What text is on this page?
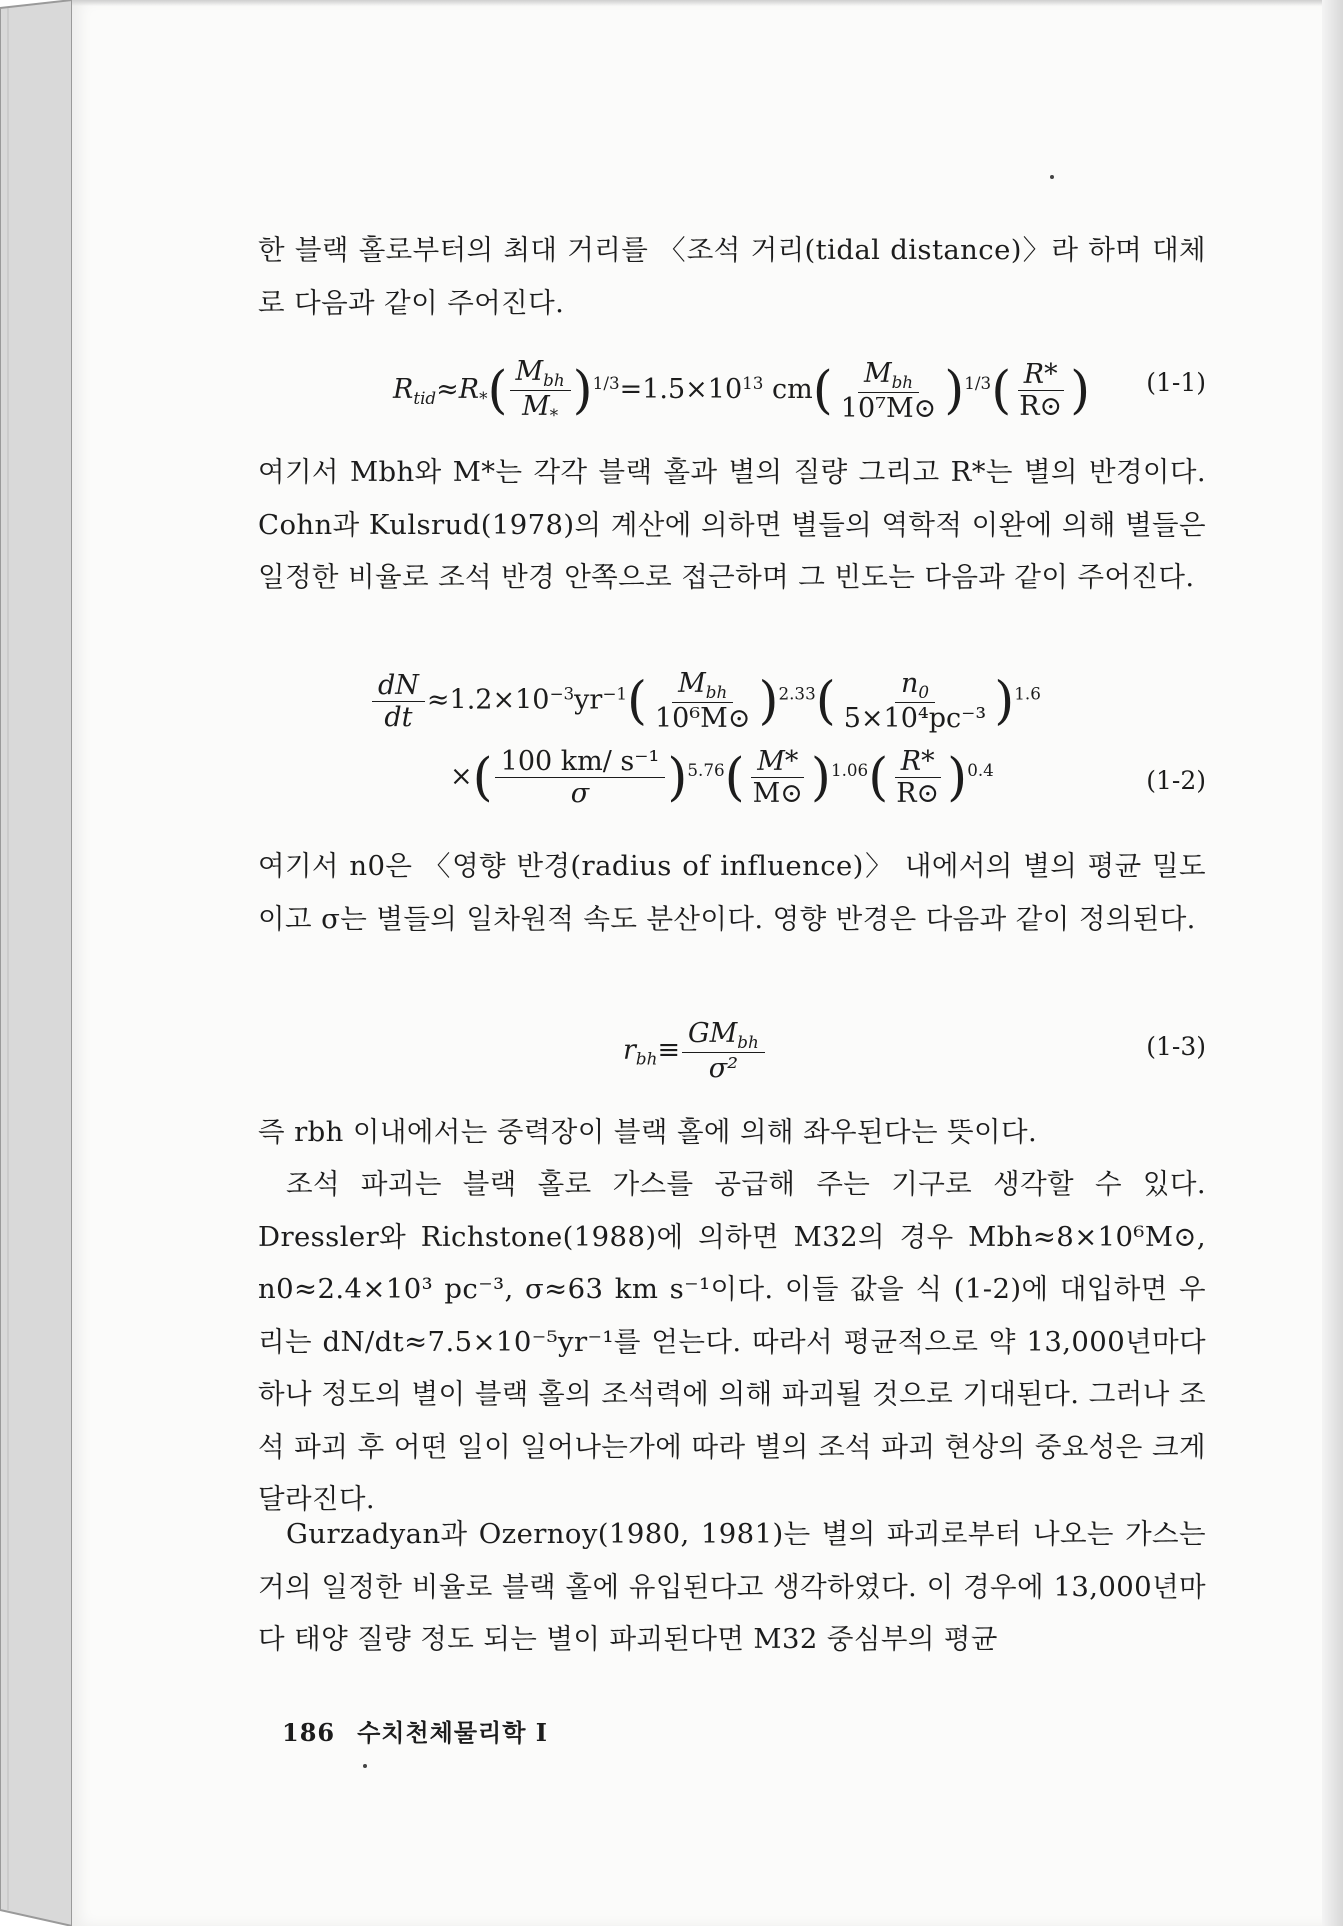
한 블랙 홀로부터의 최대 거리를 〈조석 거리(tidal distance)〉라 하며 대체로 다음과 같이 주어진다.

$R_{tid}\approx R_*( \frac{M_{bh}}{M_*} )^{1/3}=1.5\times 10^{13}$ $cm( \frac{M_{bh}}{\text{10⁷M⊙}} )^{1/3}( \frac{R*}{R⊙}$ ) (1-1)

여기서 Mbh와 M*는 각각 블랙 홀과 별의 질량 그리고 R*는 별의 반경이다. Cohn과 Kulsrud(1978)의 계산에 의하면 별들의 역학적 이완에 의해 별들은 일정한 비율로 조석 반경 안쪽으로 접근하며 그 빈도는 다음과 같이 주어진다.

$\frac{dN}{dt} \approx 1.2\times 10^{-3}yr^{-1}( \frac{M_{bh}}{\text{10⁶M⊙}} )^{2.33}( \frac{n_0}{\text{5×10⁴pc⁻³}} )^{1.6}$
×( $\frac{\text{100 km/ s⁻¹}}{\sigma} )^{5.76}( \frac{M*}{M⊙} )^{1.06}( \frac{R*}{R⊙} )^{0.4}$	(1-2)

여기서 n0은 〈영향 반경(radius of influence)〉 내에서의 별의 평균 밀도이고 σ는 별들의 일차원적 속도 분산이다. 영향 반경은 다음과 같이 정의된다.

$r_{bh}\equiv \frac{GM_{bh}}{\text{σ²}}$	(1-3)

즉 rbh 이내에서는 중력장이 블랙 홀에 의해 좌우된다는 뜻이다.

조석 파괴는 블랙 홀로 가스를 공급해 주는 기구로 생각할 수 있다. Dressler와 Richstone(1988)에 의하면 M32의 경우 Mbh≈8×10⁶M⊙, n0≈2.4×10³ pc⁻³, σ≈63 km s⁻¹이다. 이들 값을 식 (1-2)에 대입하면 우리는 dN/dt≈7.5×10⁻⁵yr⁻¹를 얻는다. 따라서 평균적으로 약 13,000년마다 하나 정도의 별이 블랙 홀의 조석력에 의해 파괴될 것으로 기대된다. 그러나 조석 파괴 후 어떤 일이 일어나는가에 따라 별의 조석 파괴 현상의 중요성은 크게 달라진다.

Gurzadyan과 Ozernoy(1980, 1981)는 별의 파괴로부터 나오는 가스는 거의 일정한 비율로 블랙 홀에 유입된다고 생각하였다. 이 경우에 13,000년마다 태양 질량 정도 되는 별이 파괴된다면 M32 중심부의 평균

186 수치천체물리학 I
